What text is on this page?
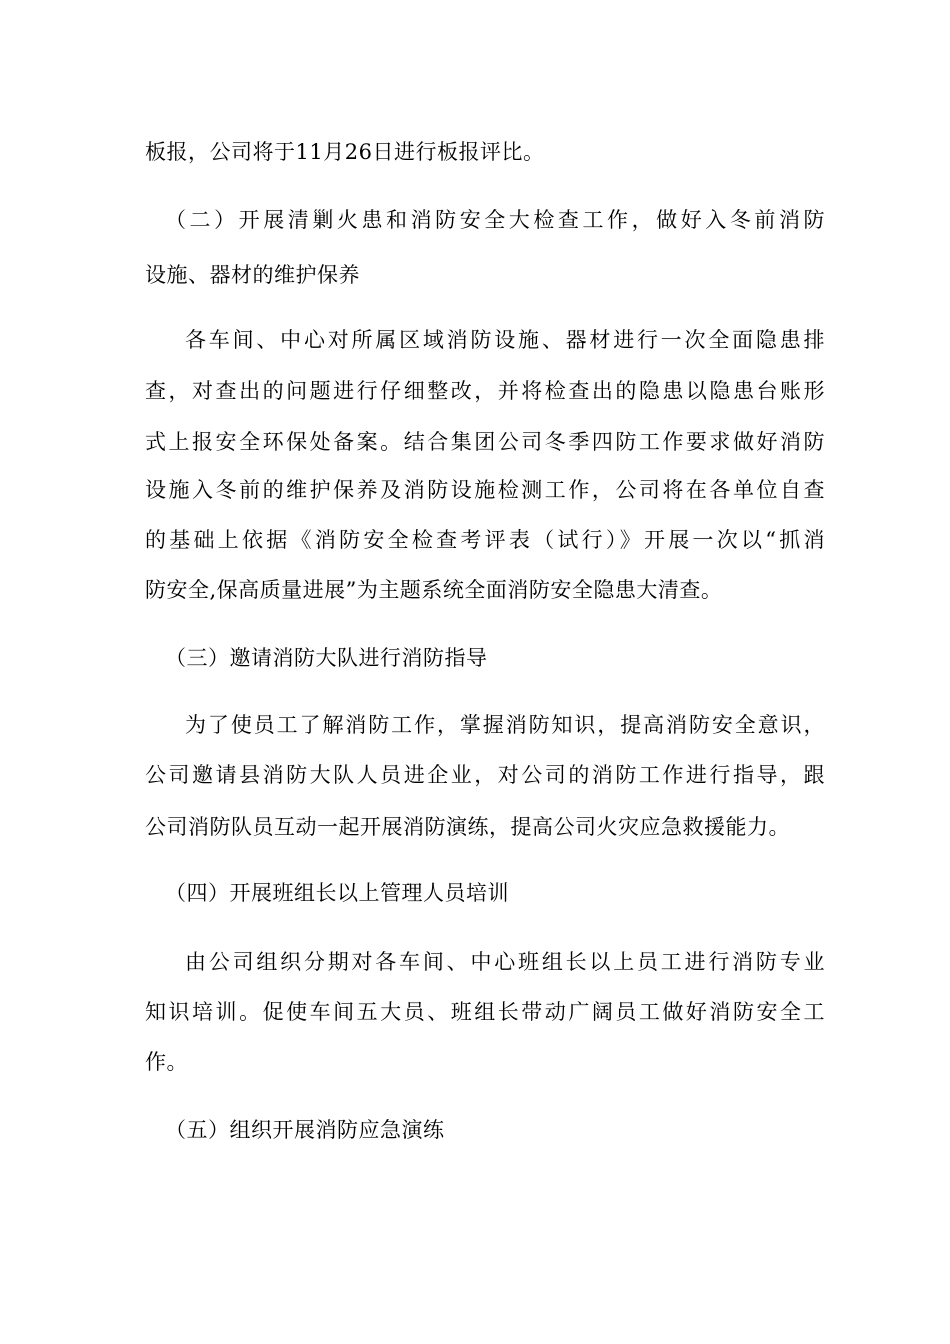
板报，公司将于11月26日进行板报评比。
（二）开展清剿火患和消防安全大检查工作，做好入冬前消防
设施、器材的维护保养
各车间、中心对所属区域消防设施、器材进行一次全面隐患排
查，对查出的问题进行仔细整改，并将检查出的隐患以隐患台账形
式上报安全环保处备案。结合集团公司冬季四防工作要求做好消防
设施入冬前的维护保养及消防设施检测工作，公司将在各单位自查
的基础上依据《消防安全检查考评表（试行）》开展一次以“抓消
防安全,保高质量进展”为主题系统全面消防安全隐患大清查。
（三）邀请消防大队进行消防指导
为了使员工了解消防工作，掌握消防知识，提高消防安全意识，
公司邀请县消防大队人员进企业，对公司的消防工作进行指导，跟
公司消防队员互动一起开展消防演练，提高公司火灾应急救援能力。
（四）开展班组长以上管理人员培训
由公司组织分期对各车间、中心班组长以上员工进行消防专业
知识培训。促使车间五大员、班组长带动广阔员工做好消防安全工
作。
（五）组织开展消防应急演练
